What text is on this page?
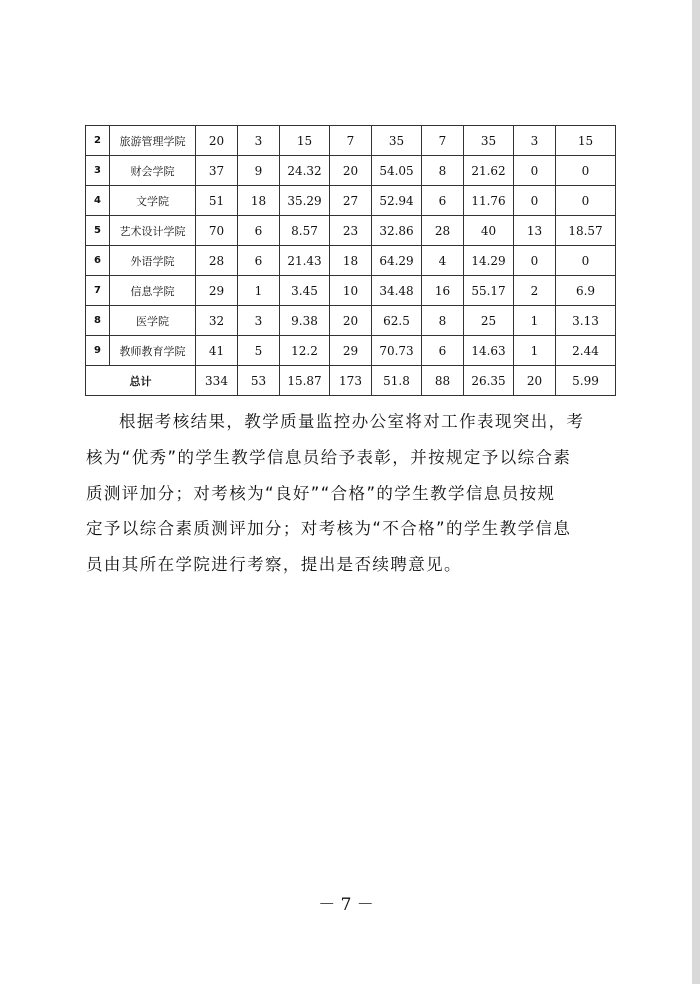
2	旅游管理学院	20	3	15	7	35	7	35	3	15
3	财会学院	37	9	24.32	20	54.05	8	21.62	0	0
4	文学院	51	18	35.29	27	52.94	6	11.76	0	0
5	艺术设计学院	70	6	8.57	23	32.86	28	40	13	18.57
6	外语学院	28	6	21.43	18	64.29	4	14.29	0	0
7	信息学院	29	1	3.45	10	34.48	16	55.17	2	6.9
8	医学院	32	3	9.38	20	62.5	8	25	1	3.13
9	教师教育学院	41	5	12.2	29	70.73	6	14.63	1	2.44
总计		334	53	15.87	173	51.8	88	26.35	20	5.99

根据考核结果，教学质量监控办公室将对工作表现突出，考

核为“优秀”的学生教学信息员给予表彰，并按规定予以综合素

质测评加分；对考核为“良好”“合格”的学生教学信息员按规

定予以综合素质测评加分；对考核为“不合格”的学生教学信息

员由其所在学院进行考察，提出是否续聘意见。

－ 7 －
